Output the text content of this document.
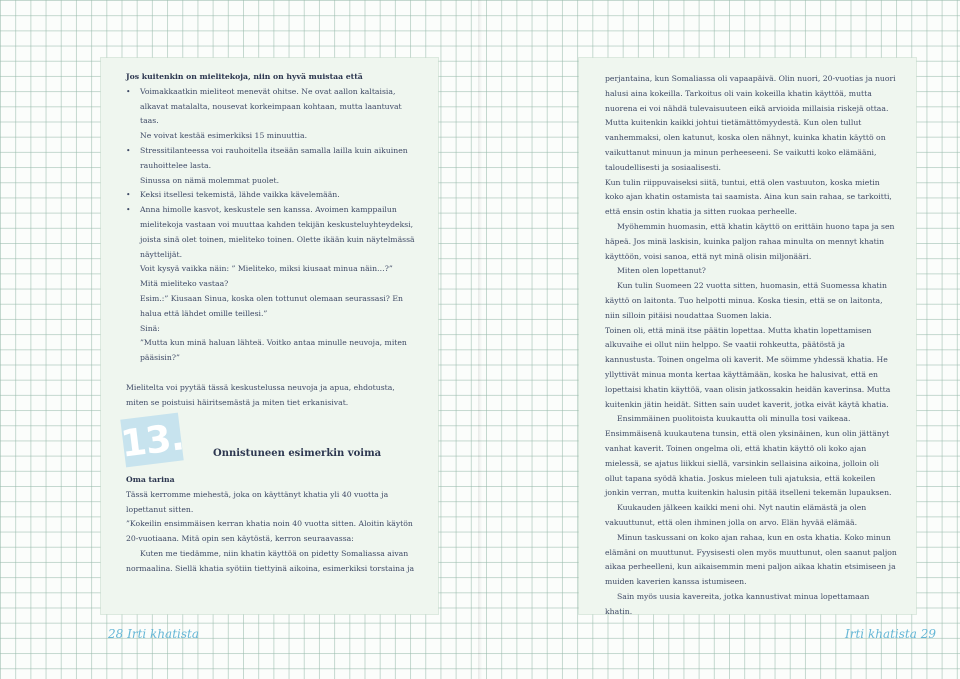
Jos kuitenkin on mielitekoja, niin on hyvä muistaa että

• Voimakkaatkin mieliteot menevät ohitse. Ne ovat aallon kaltaisia, alkavat matalalta, nousevat korkeimpaan kohtaan, mutta laantuvat taas.

Ne voivat kestää esimerkiksi 15 minuuttia.

• Stressitilanteessa voi rauhoitella itseään samalla lailla kuin aikuinen rauhoittelee lasta.

Sinussa on nämä molemmat puolet.

• Keksi itsellesi tekemistä, lähde vaikka kävelemään.

• Anna himolle kasvot, keskustele sen kanssa. Avoimen kamppailun mielitekoja vastaan voi muuttaa kahden tekijän keskusteluyhteydeksi, joista sinä olet toinen, mieliteko toinen. Olette ikään kuin näytelmässä näyttelijät.

Voit kysyä vaikka näin: ” Mieliteko, miksi kiusaat minua näin…?”

Mitä mieliteko vastaa?

Esim.:” Kiusaan Sinua, koska olen tottunut olemaan seurassasi? En halua että lähdet omille teillesi.”

Sinä:

”Mutta kun minä haluan lähteä. Voitko antaa minulle neuvoja, miten pääsisin?”

Mielitelta voi pyytää tässä keskustelussa neuvoja ja apua, ehdotusta, miten se poistuisi häiritsemästä ja miten tiet erkanisivat.

13.	Onnistuneen esimerkin voima

Oma tarina

Tässä kerromme miehestä, joka on käyttänyt khatia yli 40 vuotta ja lopettanut sitten.

”Kokeilin ensimmäisen kerran khatia noin 40 vuotta sitten. Aloitin käytön 20-vuotiaana. Mitä opin sen käytöstä, kerron seuraavassa:

Kuten me tiedämme, niin khatin käyttöä on pidetty Somaliassa aivan normaalina. Siellä khatia syötiin tiettyinä aikoina, esimerkiksi torstaina ja

28 Irti khatista

perjantaina, kun Somaliassa oli vapaapäivä. Olin nuori, 20-vuotias ja nuori halusi aina kokeilla. Tarkoitus oli vain kokeilla khatin käyttöä, mutta nuorena ei voi nähdä tulevaisuuteen eikä arvioida millaisia riskejä ottaa. Mutta kuitenkin kaikki johtui tietämättömyydestä. Kun olen tullut vanhemmaksi, olen katunut, koska olen nähnyt, kuinka khatin käyttö on vaikuttanut minuun ja minun perheeseeni. Se vaikutti koko elämääni, taloudellisesti ja sosiaalisesti.

Kun tulin riippuvaiseksi siitä, tuntui, että olen vastuuton, koska mietin koko ajan khatin ostamista tai saamista. Aina kun sain rahaa, se tarkoitti, että ensin ostin khatia ja sitten ruokaa perheelle.

Myöhemmin huomasin, että khatin käyttö on erittäin huono tapa ja sen häpeä. Jos minä laskisin, kuinka paljon rahaa minulta on mennyt khatin käyttöön, voisi sanoa, että nyt minä olisin miljonääri.

Miten olen lopettanut?

Kun tulin Suomeen 22 vuotta sitten, huomasin, että Suomessa khatin käyttö on laitonta. Tuo helpotti minua. Koska tiesin, että se on laitonta, niin silloin pitäisi noudattaa Suomen lakia.

Toinen oli, että minä itse päätin lopettaa. Mutta khatin lopettamisen alkuvaihe ei ollut niin helppo. Se vaatii rohkeutta, päätöstä ja kannustusta. Toinen ongelma oli kaverit. Me söimme yhdessä khatia. He yllyttivät minua monta kertaa käyttämään, koska he halusivat, että en lopettaisi khatin käyttöä, vaan olisin jatkossakin heidän kaverinsa. Mutta kuitenkin jätin heidät. Sitten sain uudet kaverit, jotka eivät käytä khatia.

Ensimmäinen puolitoista kuukautta oli minulla tosi vaikeaa. Ensimmäisenä kuukautena tunsin, että olen yksinäinen, kun olin jättänyt vanhat kaverit. Toinen ongelma oli, että khatin käyttö oli koko ajan mielessä, se ajatus liikkui siellä, varsinkin sellaisina aikoina, jolloin oli ollut tapana syödä khatia. Joskus mieleen tuli ajatuksia, että kokeilen jonkin verran, mutta kuitenkin halusin pitää itselleni tekemän lupauksen.

Kuukauden jälkeen kaikki meni ohi. Nyt nautin elämästä ja olen vakuuttunut, että olen ihminen jolla on arvo. Elän hyvää elämää.

Minun taskussani on koko ajan rahaa, kun en osta khatia. Koko minun elämäni on muuttunut. Fyysisesti olen myös muuttunut, olen saanut paljon aikaa perheelleni, kun aikaisemmin meni paljon aikaa khatin etsimiseen ja muiden kaverien kanssa istumiseen.

Sain myös uusia kavereita, jotka kannustivat minua lopettamaan khatin.

Irti khatista 29
